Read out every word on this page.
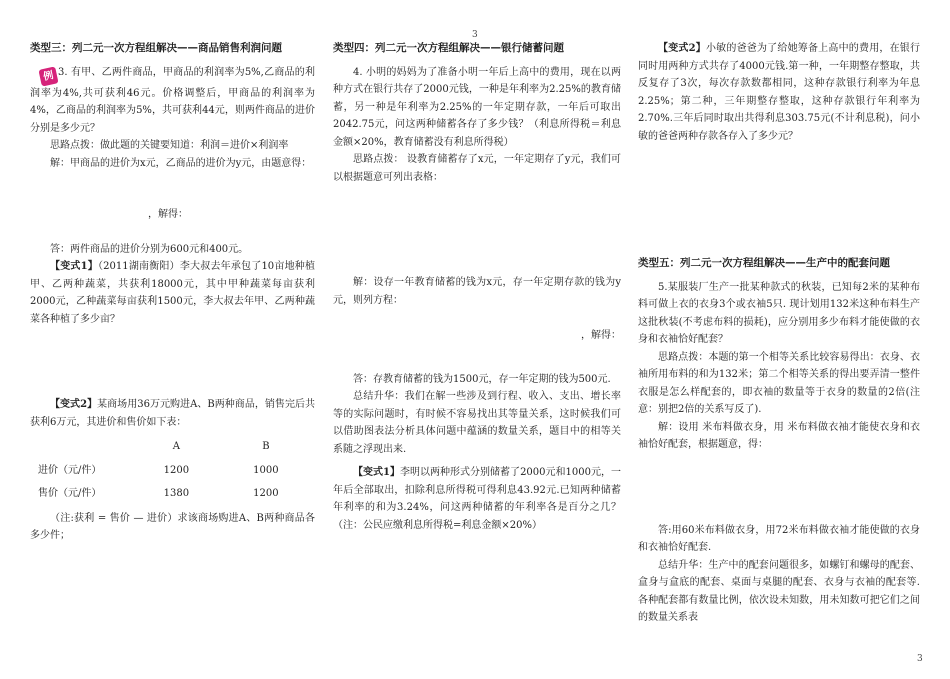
3

类型三：列二元一次方程组解决——商品销售利润问题

例 3. 有甲、乙两件商品，甲商品的利润率为5%,乙商品的利润率为4%,共可获利46元。价格调整后，甲商品的利润率为4%，乙商品的利润率为5%，共可获利44元，则两件商品的进价分别是多少元？

思路点拨：做此题的关键要知道：利润＝进价×利润率

解：甲商品的进价为x元，乙商品的进价为y元，由题意得：

，解得：

答：两件商品的进价分别为600元和400元。

【变式1】（2011湖南衡阳）李大叔去年承包了10亩地种植甲、乙两种蔬菜，共获利18000元，其中甲种蔬菜每亩获利2000元，乙种蔬菜每亩获利1500元，李大叔去年甲、乙两种蔬菜各种植了多少亩？

【变式2】某商场用36万元购进A、B两种商品，销售完后共获利6万元，其进价和售价如下表：

	A	B
进价（元/件）	1200	1000
售价（元/件）	1380	1200

（注:获利 = 售价 — 进价）求该商场购进A、B两种商品各多少件；

类型四：列二元一次方程组解决——银行储蓄问题

4. 小明的妈妈为了准备小明一年后上高中的费用，现在以两种方式在银行共存了2000元钱，一种是年利率为2.25%的教育储蓄，另一种是年利率为2.25%的一年定期存款，一年后可取出2042.75元，问这两种储蓄各存了多少钱？（利息所得税＝利息金额×20%，教育储蓄没有利息所得税）

思路点拨： 设教育储蓄存了x元，一年定期存了y元，我们可以根据题意可列出表格：

解：设存一年教育储蓄的钱为x元，存一年定期存款的钱为y元，则列方程：

，解得：

答：存教育储蓄的钱为1500元，存一年定期的钱为500元.

总结升华：我们在解一些涉及到行程、收入、支出、增长率等的实际问题时，有时候不容易找出其等量关系，这时候我们可以借助图表法分析具体问题中蕴涵的数量关系，题目中的相等关系随之浮现出来.

【变式1】李明以两种形式分别储蓄了2000元和1000元，一年后全部取出，扣除利息所得税可得利息43.92元.已知两种储蓄年利率的和为3.24%，问这两种储蓄的年利率各是百分之几？（注：公民应缴利息所得税=利息金额×20%）

【变式2】小敏的爸爸为了给她筹备上高中的费用，在银行同时用两种方式共存了4000元钱.第一种，一年期整存整取，共反复存了3次，每次存款数都相同，这种存款银行利率为年息2.25%；第二种，三年期整存整取，这种存款银行年利率为2.70%.三年后同时取出共得利息303.75元(不计利息税)，问小敏的爸爸两种存款各存入了多少元？

类型五：列二元一次方程组解决——生产中的配套问题

5.某服装厂生产一批某种款式的秋装，已知每2米的某种布料可做上衣的衣身3个或衣袖5只. 现计划用132米这种布料生产这批秋装(不考虑布料的损耗)，应分别用多少布料才能使做的衣身和衣袖恰好配套？

思路点拨：本题的第一个相等关系比较容易得出：衣身、衣袖所用布料的和为132米；第二个相等关系的得出要弄清一整件衣服是怎么样配套的，即衣袖的数量等于衣身的数量的2倍(注意：别把2倍的关系写反了).

解：设用 米布料做衣身，用 米布料做衣袖才能使衣身和衣袖恰好配套，根据题意，得：

答:用60米布料做衣身，用72米布料做衣袖才能使做的衣身和衣袖恰好配套.

总结升华：生产中的配套问题很多，如螺钉和螺母的配套、盒身与盒底的配套、桌面与桌腿的配套、衣身与衣袖的配套等. 各种配套都有数量比例，依次设未知数，用未知数可把它们之间的数量关系表

3
